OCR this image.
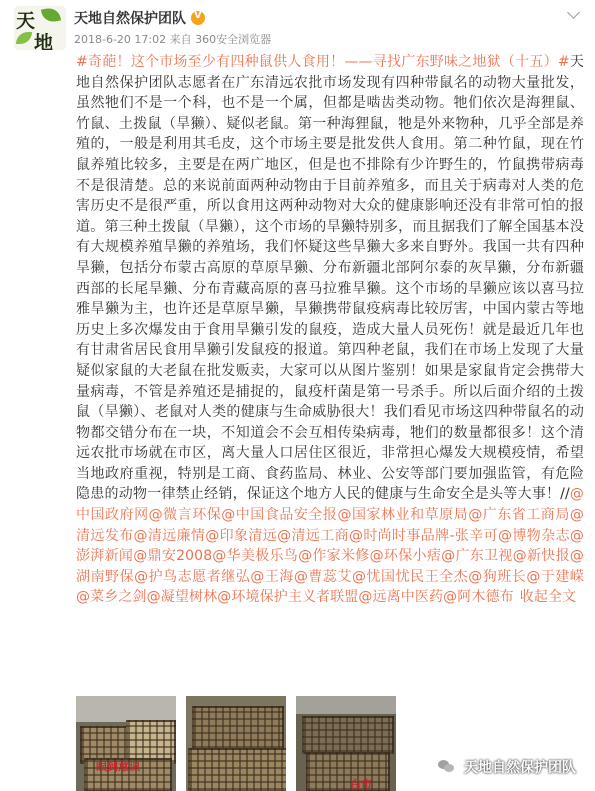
天
地
天地自然保护团队V
2018-6-20 17:02 来自 360安全浏览器
#奇葩！这个市场至少有四种鼠供人食用！——寻找广东野味之地狱（十五）#天地自然保护团队志愿者在广东清远农批市场发现有四种带鼠名的动物大量批发，虽然牠们不是一个科，也不是一个属，但都是啮齿类动物。牠们依次是海狸鼠、竹鼠、土拨鼠（旱獭）、疑似老鼠。第一种海狸鼠，牠是外来物种，几乎全部是养殖的，一般是利用其毛皮，这个市场主要是批发供人食用。第二种竹鼠，现在竹鼠养殖比较多，主要是在两广地区，但是也不排除有少许野生的，竹鼠携带病毒不是很清楚。总的来说前面两种动物由于目前养殖多，而且关于病毒对人类的危害历史不是很严重，所以食用这两种动物对大众的健康影响还没有非常可怕的报道。第三种土拨鼠（旱獭），这个市场的旱獭特别多，而且据我们了解全国基本没有大规模养殖旱獭的养殖场，我们怀疑这些旱獭大多来自野外。我国一共有四种旱獭，包括分布蒙古高原的草原旱獭、分布新疆北部阿尔泰的灰旱獭，分布新疆西部的长尾旱獭、分布青藏高原的喜马拉雅旱獭。这个市场的旱獭应该以喜马拉雅旱獭为主，也许还是草原旱獭，旱獭携带鼠疫病毒比较厉害，中国内蒙古等地历史上多次爆发由于食用旱獭引发的鼠疫，造成大量人员死伤！就是最近几年也有甘肃省居民食用旱獭引发鼠疫的报道。第四种老鼠，我们在市场上发现了大量疑似家鼠的大老鼠在批发贩卖，大家可以从图片鉴别！如果是家鼠肯定会携带大量病毒，不管是养殖还是捕捉的，鼠疫杆菌是第一号杀手。所以后面介绍的土拨鼠（旱獭）、老鼠对人类的健康与生命威胁很大！我们看见市场这四种带鼠名的动物都交错分布在一块，不知道会不会互相传染病毒，牠们的数量都很多！这个清远农批市场就在市区，离大量人口居住区很近，非常担心爆发大规模疫情，希望当地政府重视，特别是工商、食药监局、林业、公安等部门要加强监管，有危险隐患的动物一律禁止经销，保证这个地方人民的健康与生命安全是头等大事！//@中国政府网@微言环保@中国食品安全报@国家林业和草原局@广东省工商局@清远发布@清远廉情@印象清远@清远工商@时尚时事品牌-张辛可@博物杂志@澎湃新闻@鼎安2008@华美极乐鸟@作家米修@环保小痞@广东卫视@新快报@湖南野保@护鸟志愿者继弘@王海@曹蕊艾@忧国忧民王全杰@狗班长@于建嵘@菜乡之剑@凝望树林@环境保护主义者联盟@远离中医药@阿木德布 收起全文
眼到意识
白市
天地自然保护团队
